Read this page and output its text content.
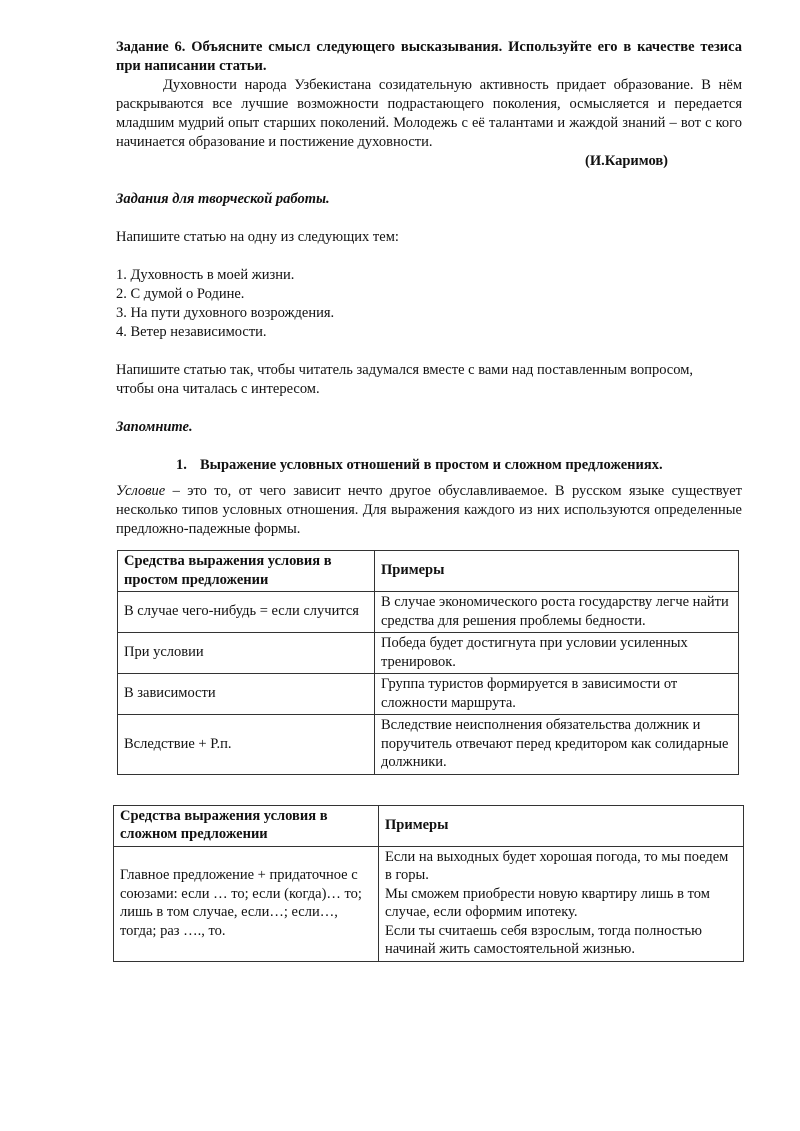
Задание 6. Объясните смысл следующего высказывания. Используйте его в качестве тезиса при написании статьи.

Духовности народа Узбекистана созидательную активность придает образование. В нём раскрываются все лучшие возможности подрастающего поколения, осмысляется и передается младшим мудрий опыт старших поколений. Молодежь с её талантами и жаждой знаний – вот с кого начинается образование и постижение духовности.

(И.Каримов)

Задания для творческой работы.

Напишите статью на одну из следующих тем:

1. Духовность в моей жизни.

2. С думой о Родине.

3. На пути духовного возрождения.

4. Ветер независимости.

Напишите статью так, чтобы читатель задумался вместе с вами над поставленным вопросом, чтобы она читалась с интересом.

Запомните.

1. Выражение условных отношений в простом и сложном предложениях.

Условие – это то, от чего зависит нечто другое обуславливаемое. В русском языке существует несколько типов условных отношения. Для выражения каждого из них используются определенные предложно-падежные формы.

Средства выражения условия в простом предложении	Примеры
В случае чего-нибудь = если случится	В случае экономического роста государству легче найти средства для решения проблемы бедности.
При условии	Победа будет достигнута при условии усиленных тренировок.
В зависимости	Группа туристов формируется в зависимости от сложности маршрута.
Вследствие + Р.п.	Вследствие неисполнения обязательства должник и поручитель отвечают перед кредитором как солидарные должники.
Средства выражения условия в сложном предложении	Примеры
Главное предложение + придаточное с союзами: если … то; если (когда)… то; лишь в том случае, если…; если…, тогда; раз …., то.	Если на выходных будет хорошая погода, то мы поедем в горы.
Мы сможем приобрести новую квартиру лишь в том случае, если оформим ипотеку.
Если ты считаешь себя взрослым, тогда полностью начинай жить самостоятельной жизнью.
